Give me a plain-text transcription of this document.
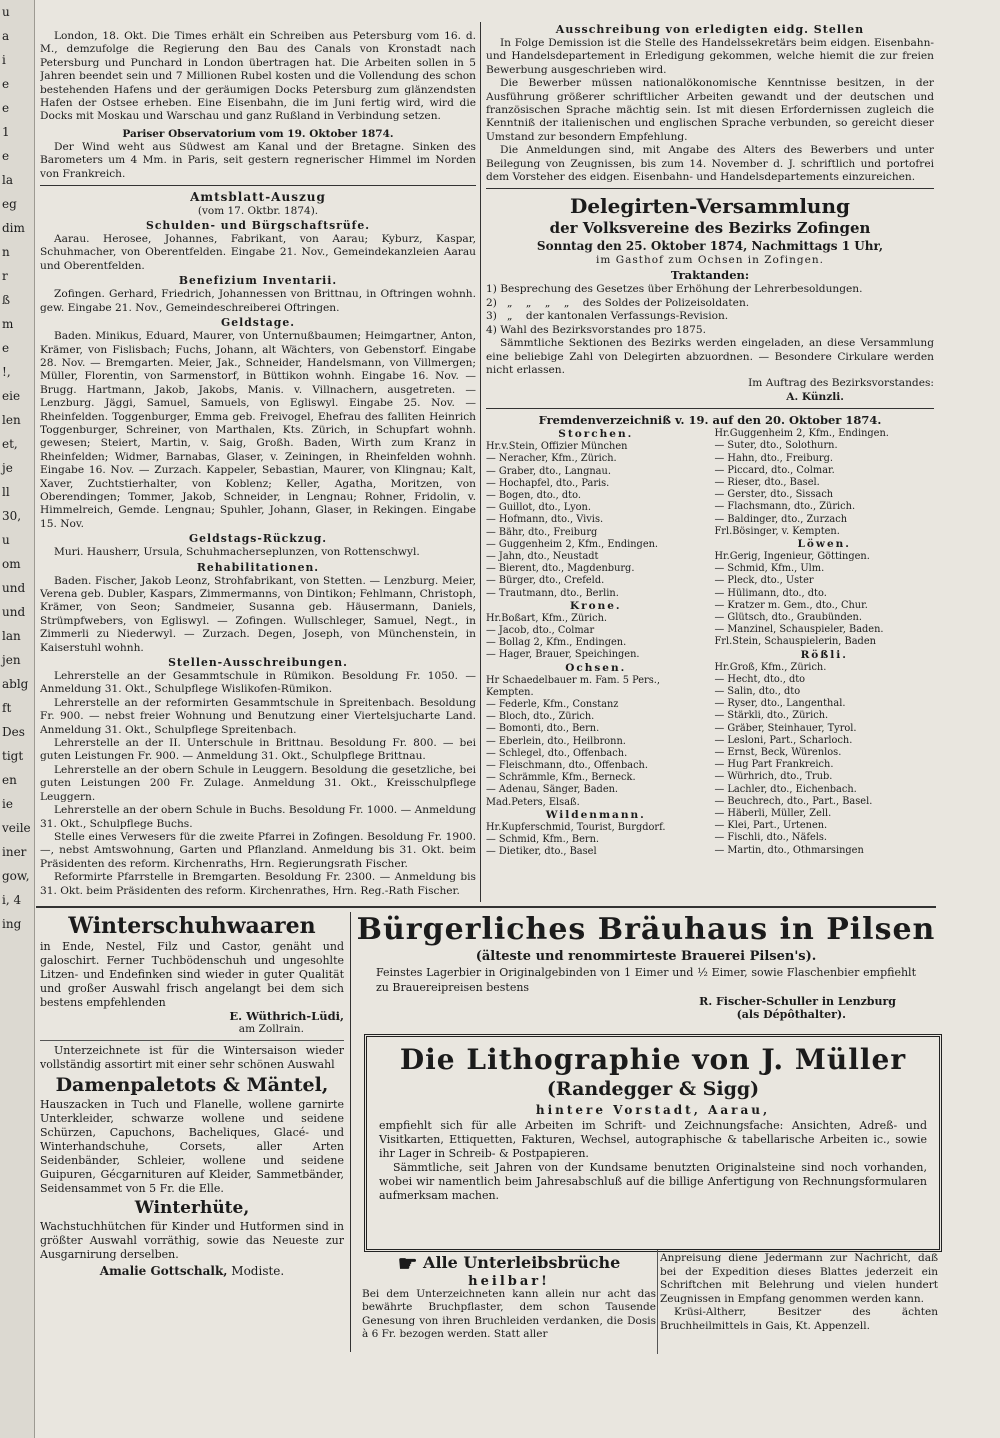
u
a
i
e
e
1
e
la
eg
dim
n
r
ß
m
e
!,
eie
len
et,
je
ll
30,
u
om
und
und
lan
jen
ablg
ft
Des
tigt
en
ie
veile
iner
gow,
i, 4
ing

London, 18. Okt. Die Times erhält ein Schreiben aus Petersburg vom 16. d. M., demzufolge die Regierung den Bau des Canals von Kronstadt nach Petersburg und Punchard in London übertragen hat. Die Arbeiten sollen in 5 Jahren beendet sein und 7 Millionen Rubel kosten und die Vollendung des schon bestehenden Hafens und der geräumigen Docks Petersburg zum glänzendsten Hafen der Ostsee erheben. Eine Eisenbahn, die im Juni fertig wird, wird die Docks mit Moskau und Warschau und ganz Rußland in Verbindung setzen.

Pariser Observatorium vom 19. Oktober 1874.

Der Wind weht aus Südwest am Kanal und der Bretagne. Sinken des Barometers um 4 Mm. in Paris, seit gestern regnerischer Himmel im Norden von Frankreich.

Amtsblatt-Auszug

(vom 17. Oktbr. 1874).

Schulden- und Bürgschaftsrüfe.

Aarau. Herosee, Johannes, Fabrikant, von Aarau; Kyburz, Kaspar, Schuhmacher, von Oberentfelden. Eingabe 21. Nov., Gemeindekanzleien Aarau und Oberentfelden.

Benefizium Inventarii.

Zofingen. Gerhard, Friedrich, Johannessen von Brittnau, in Oftringen wohnh. gew. Eingabe 21. Nov., Gemeindeschreiberei Oftringen.

Geldstage.

Baden. Minikus, Eduard, Maurer, von Unternußbaumen; Heimgartner, Anton, Krämer, von Fislisbach; Fuchs, Johann, alt Wächters, von Gebenstorf. Eingabe 28. Nov. — Bremgarten. Meier, Jak., Schneider, Handelsmann, von Villmergen; Müller, Florentin, von Sarmenstorf, in Büttikon wohnh. Eingabe 16. Nov. — Brugg. Hartmann, Jakob, Jakobs, Manis. v. Villnachern, ausgetreten. — Lenzburg. Jäggi, Samuel, Samuels, von Egliswyl. Eingabe 25. Nov. — Rheinfelden. Toggenburger, Emma geb. Freivogel, Ehefrau des falliten Heinrich Toggenburger, Schreiner, von Marthalen, Kts. Zürich, in Schupfart wohnh. gewesen; Steiert, Martin, v. Saig, Großh. Baden, Wirth zum Kranz in Rheinfelden; Widmer, Barnabas, Glaser, v. Zeiningen, in Rheinfelden wohnh. Eingabe 16. Nov. — Zurzach. Kappeler, Sebastian, Maurer, von Klingnau; Kalt, Xaver, Zuchtstierhalter, von Koblenz; Keller, Agatha, Moritzen, von Oberendingen; Tommer, Jakob, Schneider, in Lengnau; Rohner, Fridolin, v. Himmelreich, Gemde. Lengnau; Spuhler, Johann, Glaser, in Rekingen. Eingabe 15. Nov.

Geldstags-Rückzug.

Muri. Hausherr, Ursula, Schuhmacherseplunzen, von Rottenschwyl.

Rehabilitationen.

Baden. Fischer, Jakob Leonz, Strohfabrikant, von Stetten. — Lenzburg. Meier, Verena geb. Dubler, Kaspars, Zimmermanns, von Dintikon; Fehlmann, Christoph, Krämer, von Seon; Sandmeier, Susanna geb. Häusermann, Daniels, Strümpfwebers, von Egliswyl. — Zofingen. Wullschleger, Samuel, Negt., in Zimmerli zu Niederwyl. — Zurzach. Degen, Joseph, von Münchenstein, in Kaiserstuhl wohnh.

Stellen-Ausschreibungen.

Lehrerstelle an der Gesammtschule in Rümikon. Besoldung Fr. 1050. — Anmeldung 31. Okt., Schulpflege Wislikofen-Rümikon.

Lehrerstelle an der reformirten Gesammtschule in Spreitenbach. Besoldung Fr. 900. — nebst freier Wohnung und Benutzung einer Viertelsjucharte Land. Anmeldung 31. Okt., Schulpflege Spreitenbach.

Lehrerstelle an der II. Unterschule in Brittnau. Besoldung Fr. 800. — bei guten Leistungen Fr. 900. — Anmeldung 31. Okt., Schulpflege Brittnau.

Lehrerstelle an der obern Schule in Leuggern. Besoldung die gesetzliche, bei guten Leistungen 200 Fr. Zulage. Anmeldung 31. Okt., Kreisschulpflege Leuggern.

Lehrerstelle an der obern Schule in Buchs. Besoldung Fr. 1000. — Anmeldung 31. Okt., Schulpflege Buchs.

Stelle eines Verwesers für die zweite Pfarrei in Zofingen. Besoldung Fr. 1900. —, nebst Amtswohnung, Garten und Pflanzland. Anmeldung bis 31. Okt. beim Präsidenten des reform. Kirchenraths, Hrn. Regierungsrath Fischer.

Reformirte Pfarrstelle in Bremgarten. Besoldung Fr. 2300. — Anmeldung bis 31. Okt. beim Präsidenten des reform. Kirchenrathes, Hrn. Reg.-Rath Fischer.

Ausschreibung von erledigten eidg. Stellen

In Folge Demission ist die Stelle des Handelssekretärs beim eidgen. Eisenbahn- und Handelsdepartement in Erledigung gekommen, welche hiemit die zur freien Bewerbung ausgeschrieben wird.

Die Bewerber müssen nationalökonomische Kenntnisse besitzen, in der Ausführung größerer schriftlicher Arbeiten gewandt und der deutschen und französischen Sprache mächtig sein. Ist mit diesen Erfordernissen zugleich die Kenntniß der italienischen und englischen Sprache verbunden, so gereicht dieser Umstand zur besondern Empfehlung.

Die Anmeldungen sind, mit Angabe des Alters des Bewerbers und unter Beilegung von Zeugnissen, bis zum 14. November d. J. schriftlich und portofrei dem Vorsteher des eidgen. Eisenbahn- und Handelsdepartements einzureichen.

Delegirten-Versammlung

der Volksvereine des Bezirks Zofingen

Sonntag den 25. Oktober 1874, Nachmittags 1 Uhr,

im Gasthof zum Ochsen in Zofingen.

Traktanden:

1) Besprechung des Gesetzes über Erhöhung der Lehrerbesoldungen.

2)   „    „    „    „    des Soldes der Polizeisoldaten.

3)   „    der kantonalen Verfassungs-Revision.

4) Wahl des Bezirksvorstandes pro 1875.

Sämmtliche Sektionen des Bezirks werden eingeladen, an diese Versammlung eine beliebige Zahl von Delegirten abzuordnen. — Besondere Cirkulare werden nicht erlassen.

Im Auftrag des Bezirksvorstandes:

A. Künzli.

Fremdenverzeichniß v. 19. auf den 20. Oktober 1874.

Storchen.
Hr.v.Stein, Offizier München
— Neracher, Kfm., Zürich.
— Graber, dto., Langnau.
— Hochapfel, dto., Paris.
— Bogen, dto., dto.
— Guillot, dto., Lyon.
— Hofmann, dto., Vivis.
— Bähr, dto., Freiburg
— Guggenheim 2, Kfm., Endingen.
— Jahn, dto., Neustadt
— Bierent, dto., Magdenburg.
— Bürger, dto., Crefeld.
— Trautmann, dto., Berlin.
Krone.
Hr.Boßart, Kfm., Zürich.
— Jacob, dto., Colmar
— Bollag 2, Kfm., Endingen.
— Hager, Brauer, Speichingen.
Ochsen.
Hr Schaedelbauer m. Fam. 5 Pers.,
Kempten.
— Federle, Kfm., Constanz
— Bloch, dto., Zürich.
— Bomonti, dto., Bern.
— Eberlein, dto., Heilbronn.
— Schlegel, dto., Offenbach.
— Fleischmann, dto., Offenbach.
— Schrämmle, Kfm., Berneck.
— Adenau, Sänger, Baden.
Mad.Peters, Elsaß.
Wildenmann.
Hr.Kupferschmid, Tourist, Burgdorf.
— Schmid, Kfm., Bern.
— Dietiker, dto., Basel
Hr.Guggenheim 2, Kfm., Endingen.
— Suter, dto., Solothurn.
— Hahn, dto., Freiburg.
— Piccard, dto., Colmar.
— Rieser, dto., Basel.
— Gerster, dto., Sissach
— Flachsmann, dto., Zürich.
— Baldinger, dto., Zurzach
Frl.Bösinger, v. Kempten.
Löwen.
Hr.Gerig, Ingenieur, Göttingen.
— Schmid, Kfm., Ulm.
— Pleck, dto., Uster
— Hülimann, dto., dto.
— Kratzer m. Gem., dto., Chur.
— Glütsch, dto., Graubünden.
— Manzinel, Schauspieler, Baden.
Frl.Stein, Schauspielerin, Baden
Rößli.
Hr.Groß, Kfm., Zürich.
— Hecht, dto., dto
— Salin, dto., dto
— Ryser, dto., Langenthal.
— Stärkli, dto., Zürich.
— Gräber, Steinhauer, Tyrol.
— Lesloni, Part., Scharloch.
— Ernst, Beck, Würenlos.
— Hug Part Frankreich.
— Würhrich, dto., Trub.
— Lachler, dto., Eichenbach.
— Beuchrech, dto., Part., Basel.
— Häberli, Müller, Zell.
— Klei, Part., Urtenen.
— Fischli, dto., Näfels.
— Martin, dto., Othmarsingen

Winterschuhwaaren

in Ende, Nestel, Filz und Castor, genäht und galoschirt. Ferner Tuchbödenschuh und ungesohlte Litzen- und Endefinken sind wieder in guter Qualität und großer Auswahl frisch angelangt bei dem sich bestens empfehlenden

E. Wüthrich-Lüdi,

am Zollrain.

Unterzeichnete ist für die Wintersaison wieder vollständig assortirt mit einer sehr schönen Auswahl

Damenpaletots & Mäntel,

Hauszacken in Tuch und Flanelle, wollene garnirte Unterkleider, schwarze wollene und seidene Schürzen, Capuchons, Bacheliques, Glacé- und Winterhandschuhe, Corsets, aller Arten Seidenbänder, Schleier, wollene und seidene Guipuren, Gécgarnituren auf Kleider, Sammetbänder, Seidensammet von 5 Fr. die Elle.

Winterhüte,

Wachstuchhütchen für Kinder und Hutformen sind in größter Auswahl vorräthig, sowie das Neueste zur Ausgarnirung derselben.

Amalie Gottschalk, Modiste.

Bürgerliches Bräuhaus in Pilsen

(älteste und renommirteste Brauerei Pilsen's).

Feinstes Lagerbier in Originalgebinden von 1 Eimer und ½ Eimer, sowie Flaschenbier empfiehlt zu Brauereipreisen bestens

R. Fischer-Schuller in Lenzburg

(als Dépôthalter).

Die Lithographie von J. Müller

(Randegger & Sigg)

hintere Vorstadt, Aarau,

empfiehlt sich für alle Arbeiten im Schrift- und Zeichnungsfache: Ansichten, Adreß- und Visitkarten, Ettiquetten, Fakturen, Wechsel, autographische & tabellarische Arbeiten ic., sowie ihr Lager in Schreib- & Postpapieren.

Sämmtliche, seit Jahren von der Kundsame benutzten Originalsteine sind noch vorhanden, wobei wir namentlich beim Jahresabschluß auf die billige Anfertigung von Rechnungsformularen aufmerksam machen.

☛ Alle Unterleibsbrüche

heilbar!

Bei dem Unterzeichneten kann allein nur acht das bewährte Bruchpflaster, dem schon Tausende Genesung von ihren Bruchleiden verdanken, die Dosis à 6 Fr. bezogen werden. Statt aller

Anpreisung diene Jedermann zur Nachricht, daß bei der Expedition dieses Blattes jederzeit ein Schriftchen mit Belehrung und vielen hundert Zeugnissen in Empfang genommen werden kann.

Krüsi-Altherr, Besitzer des ächten Bruchheilmittels in Gais, Kt. Appenzell.
